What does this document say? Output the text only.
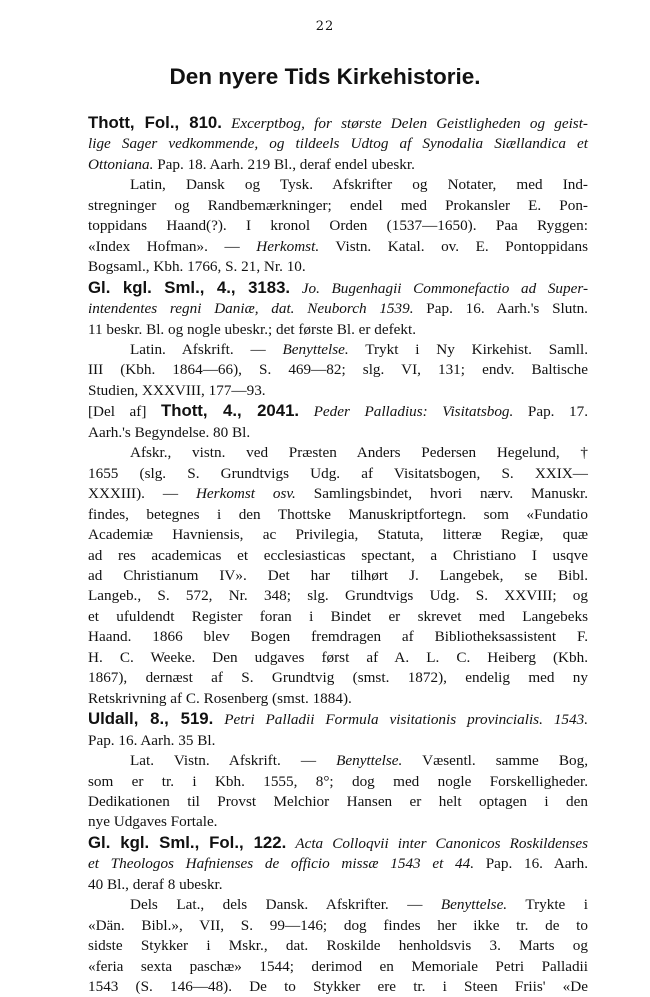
22
Den nyere Tids Kirkehistorie.
Thott, Fol., 810. Excerptbog, for største Delen Geistligheden og geist-
lige Sager vedkommende, og tildeels Udtog af Synodalia Siællandica et
Ottoniana. Pap. 18. Aarh. 219 Bl., deraf endel ubeskr.
Latin, Dansk og Tysk. Afskrifter og Notater, med Ind-
stregninger og Randbemærkninger; endel med Prokansler E. Pon-
toppidans Haand(?). I kronol Orden (1537—1650). Paa Ryggen:
«Index Hofman». — Herkomst. Vistn. Katal. ov. E. Pontoppidans
Bogsaml., Kbh. 1766, S. 21, Nr. 10.
Gl. kgl. Sml., 4., 3183. Jo. Bugenhagii Commonefactio ad Super-
intendentes regni Daniæ, dat. Neuborch 1539. Pap. 16. Aarh.'s Slutn.
11 beskr. Bl. og nogle ubeskr.; det første Bl. er defekt.
Latin. Afskrift. — Benyttelse. Trykt i Ny Kirkehist. Samll.
III (Kbh. 1864—66), S. 469—82; slg. VI, 131; endv. Baltische
Studien, XXXVIII, 177—93.
[Del af] Thott, 4., 2041. Peder Palladius: Visitatsbog. Pap. 17.
Aarh.'s Begyndelse. 80 Bl.
Afskr., vistn. ved Præsten Anders Pedersen Hegelund, †
1655 (slg. S. Grundtvigs Udg. af Visitatsbogen, S. XXIX—
XXXIII). — Herkomst osv. Samlingsbindet, hvori nærv. Manuskr.
findes, betegnes i den Thottske Manuskriptfortegn. som «Fundatio
Academiæ Havniensis, ac Privilegia, Statuta, litteræ Regiæ, quæ
ad res academicas et ecclesiasticas spectant, a Christiano I usqve
ad Christianum IV». Det har tilhørt J. Langebek, se Bibl.
Langeb., S. 572, Nr. 348; slg. Grundtvigs Udg. S. XXVIII; og
et ufuldendt Register foran i Bindet er skrevet med Langebeks
Haand. 1866 blev Bogen fremdragen af Bibliotheksassistent F.
H. C. Weeke. Den udgaves først af A. L. C. Heiberg (Kbh.
1867), dernæst af S. Grundtvig (smst. 1872), endelig med ny
Retskrivning af C. Rosenberg (smst. 1884).
Uldall, 8., 519. Petri Palladii Formula visitationis provincialis. 1543.
Pap. 16. Aarh. 35 Bl.
Lat. Vistn. Afskrift. — Benyttelse. Væsentl. samme Bog,
som er tr. i Kbh. 1555, 8°; dog med nogle Forskelligheder.
Dedikationen til Provst Melchior Hansen er helt optagen i den
nye Udgaves Fortale.
Gl. kgl. Sml., Fol., 122. Acta Colloqvii inter Canonicos Roskildenses
et Theologos Hafnienses de officio missæ 1543 et 44. Pap. 16. Aarh.
40 Bl., deraf 8 ubeskr.
Dels Lat., dels Dansk. Afskrifter. — Benyttelse. Trykte i
«Dän. Bibl.», VII, S. 99—146; dog findes her ikke tr. de to
sidste Stykker i Mskr., dat. Roskilde henholdsvis 3. Marts og
«feria sexta paschæ» 1544; derimod en Memoriale Petri Palladii
1543 (S. 146—48). De to Stykker ere tr. i Steen Friis' «De
